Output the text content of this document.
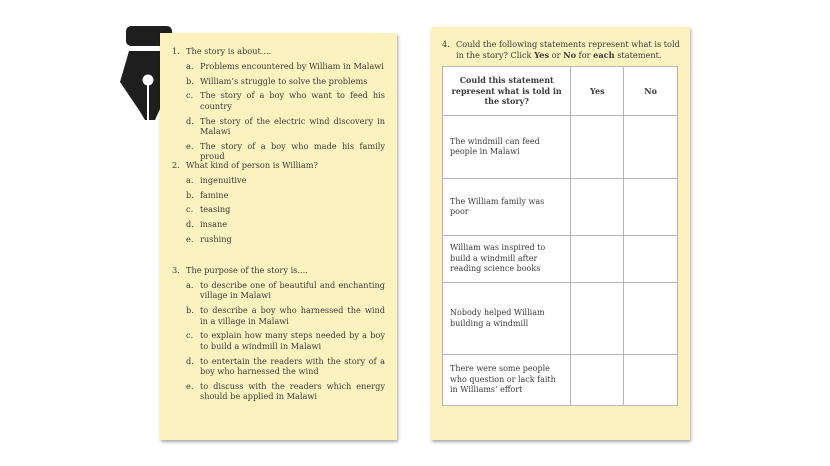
1. The story is about....
a. Problems encountered by William in Malawi
b. William’s struggle to solve the problems
c. The story of a boy who want to feed his country
d. The story of the electric wind discovery in Malawi
e. The story of a boy who made his family proud
2. What kind of person is William?
a. ingenuitive
b. famine
c. teasing
d. insane
e. rushing
3. The purpose of the story is....
a. to describe one of beautiful and enchanting village in Malawi
b. to describe a boy who harnessed the wind in a village in Malawi
c. to explain how many steps needed by a boy to build a windmill in Malawi
d. to entertain the readers with the story of a boy who harnessed the wind
e. to discuss with the readers which energy should be applied in Malawi
4. Could the following statements represent what is told in the story? Click Yes or No for each statement.
Could this statement represent what is told in the story?	Yes	No
The windmill can feed people in Malawi		
The William family was poor		
William was inspired to build a windmill after reading science books		
Nobody helped William building a windmill		
There were some people who question or lack faith in Williams’ effort		
